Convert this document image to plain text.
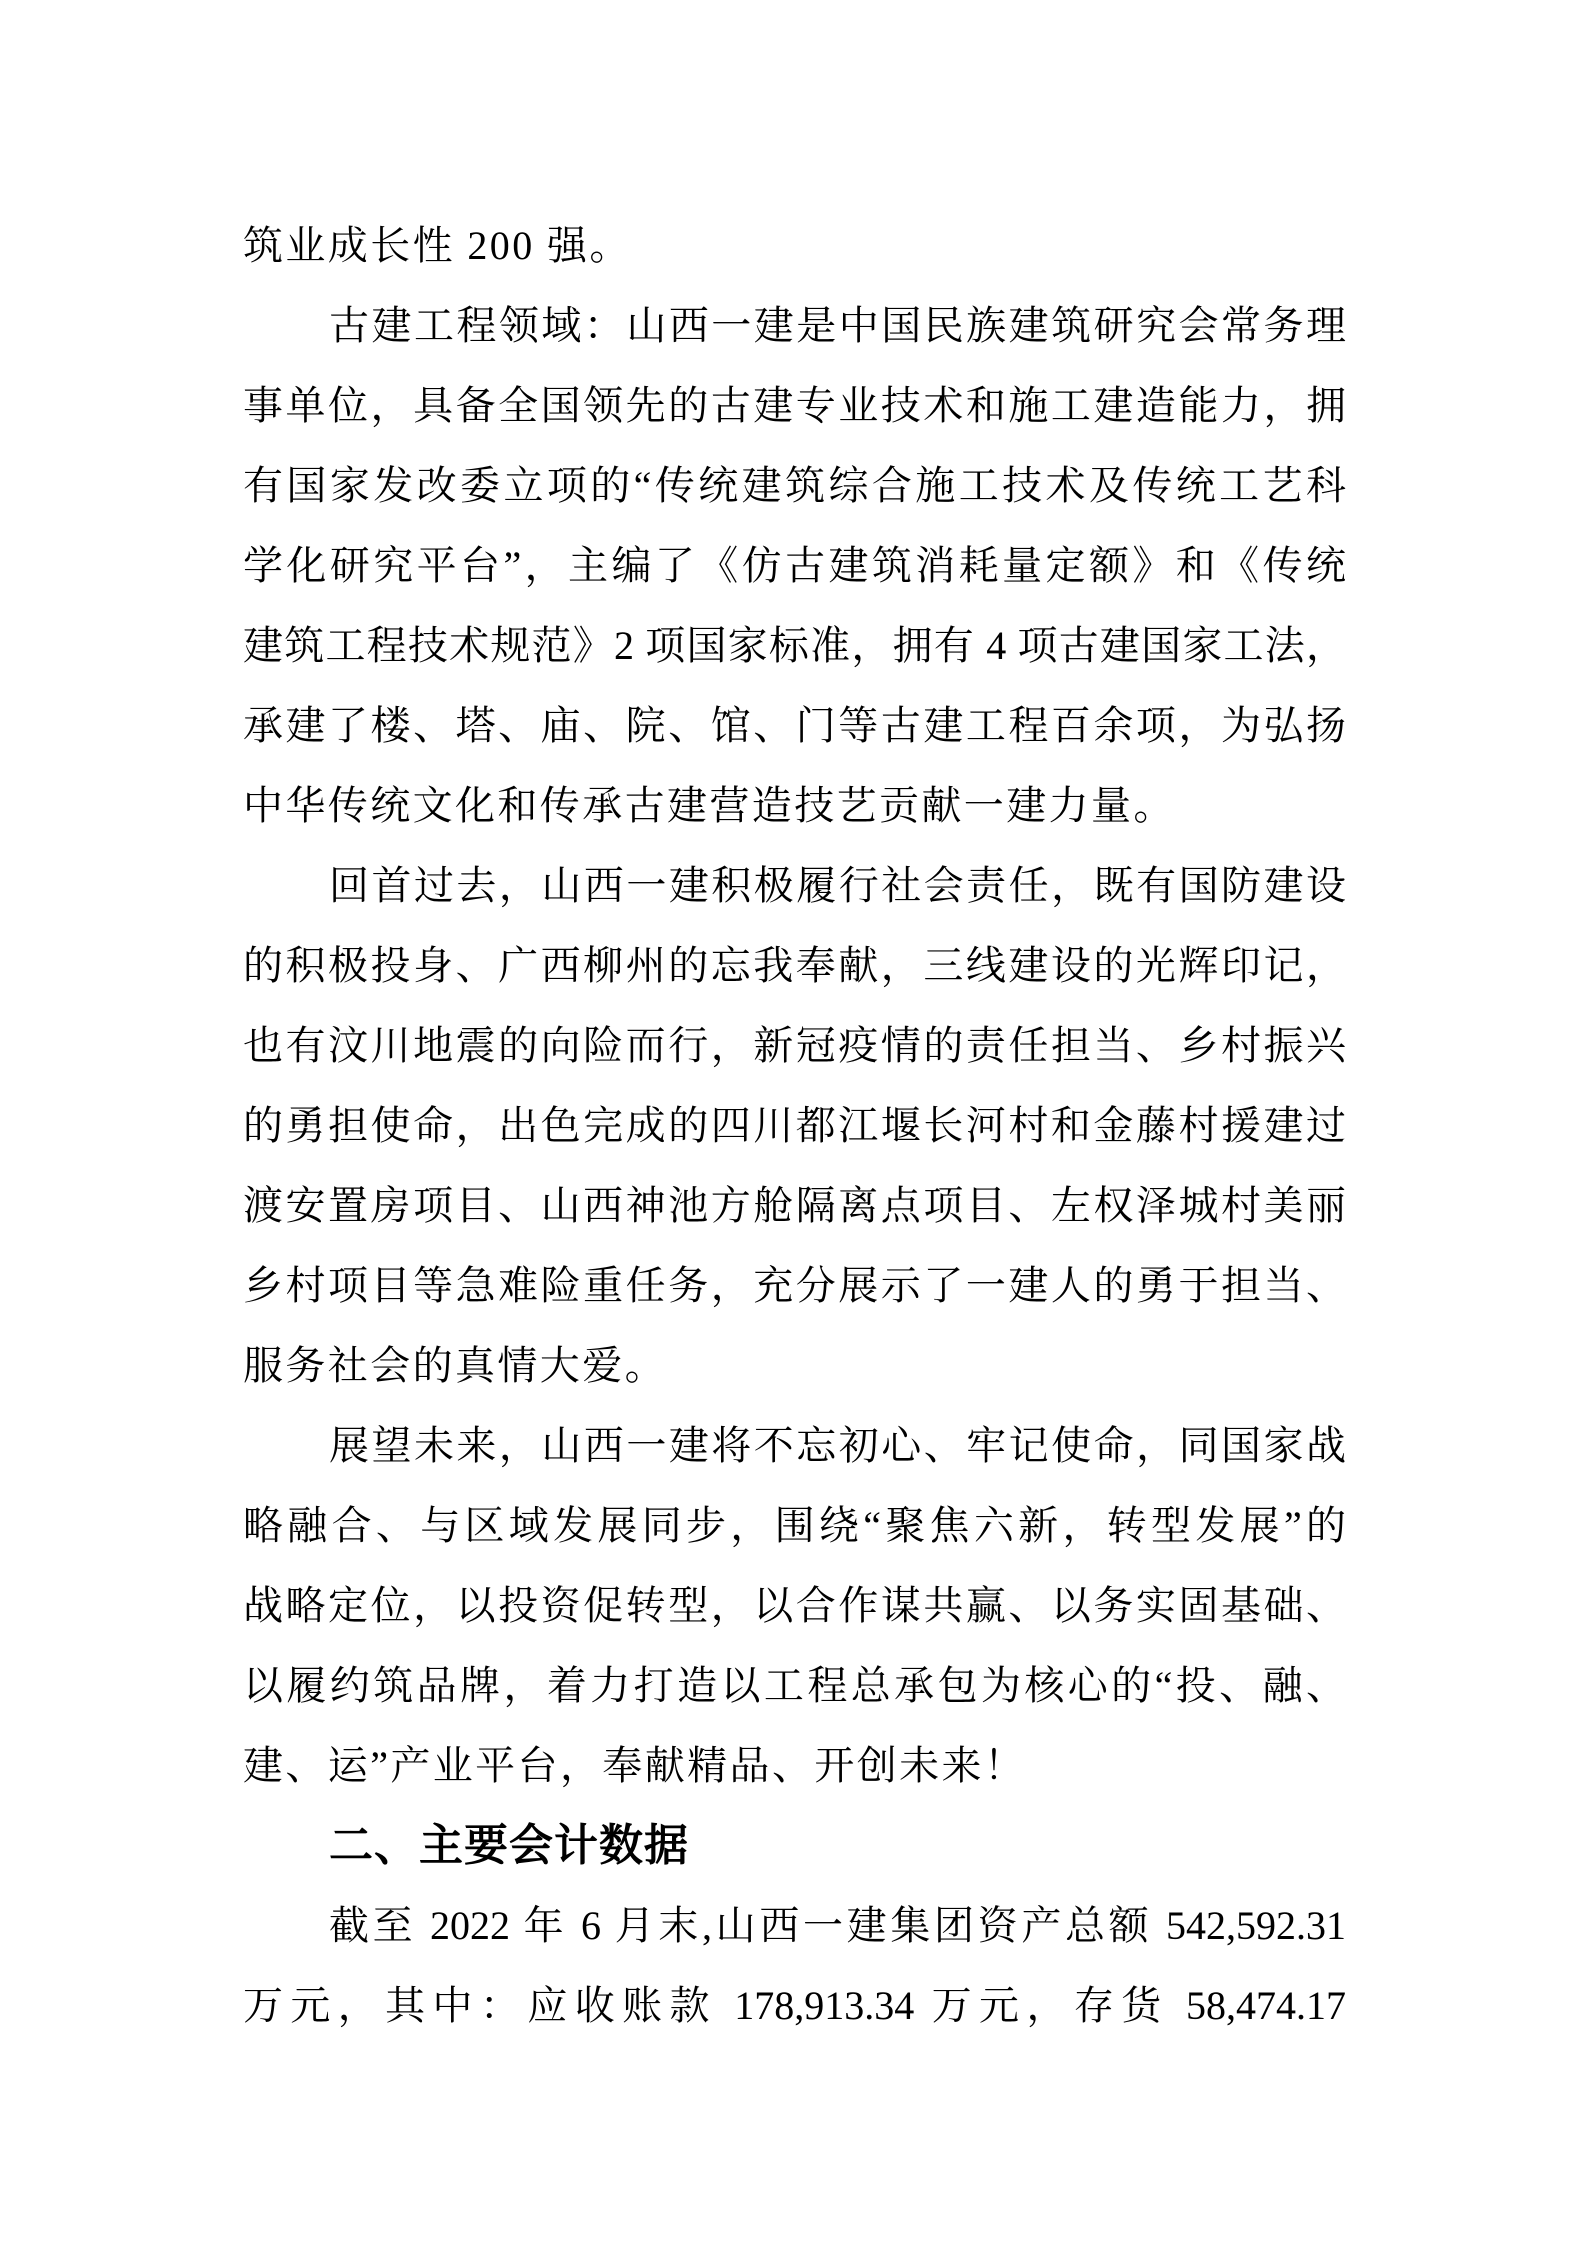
筑业成长性 200 强。
古建工程领域：山西一建是中国民族建筑研究会常务理
事单位，具备全国领先的古建专业技术和施工建造能力，拥
有国家发改委立项的“传统建筑综合施工技术及传统工艺科
学化研究平台”，主编了《仿古建筑消耗量定额》和《传统
建筑工程技术规范》2 项国家标准，拥有 4 项古建国家工法，
承建了楼、塔、庙、院、馆、门等古建工程百余项，为弘扬
中华传统文化和传承古建营造技艺贡献一建力量。
回首过去，山西一建积极履行社会责任，既有国防建设
的积极投身、广西柳州的忘我奉献，三线建设的光辉印记，
也有汶川地震的向险而行，新冠疫情的责任担当、乡村振兴
的勇担使命，出色完成的四川都江堰长河村和金藤村援建过
渡安置房项目、山西神池方舱隔离点项目、左权泽城村美丽
乡村项目等急难险重任务，充分展示了一建人的勇于担当、
服务社会的真情大爱。
展望未来，山西一建将不忘初心、牢记使命，同国家战
略融合、与区域发展同步，围绕“聚焦六新，转型发展”的
战略定位，以投资促转型，以合作谋共赢、以务实固基础、
以履约筑品牌，着力打造以工程总承包为核心的“投、融、
建、运”产业平台，奉献精品、开创未来！
二、主要会计数据
截至 2022 年 6 月末,山西一建集团资产总额 542,592.31
万元，其中：应收账款 178,913.34 万元，存货 58,474.17
